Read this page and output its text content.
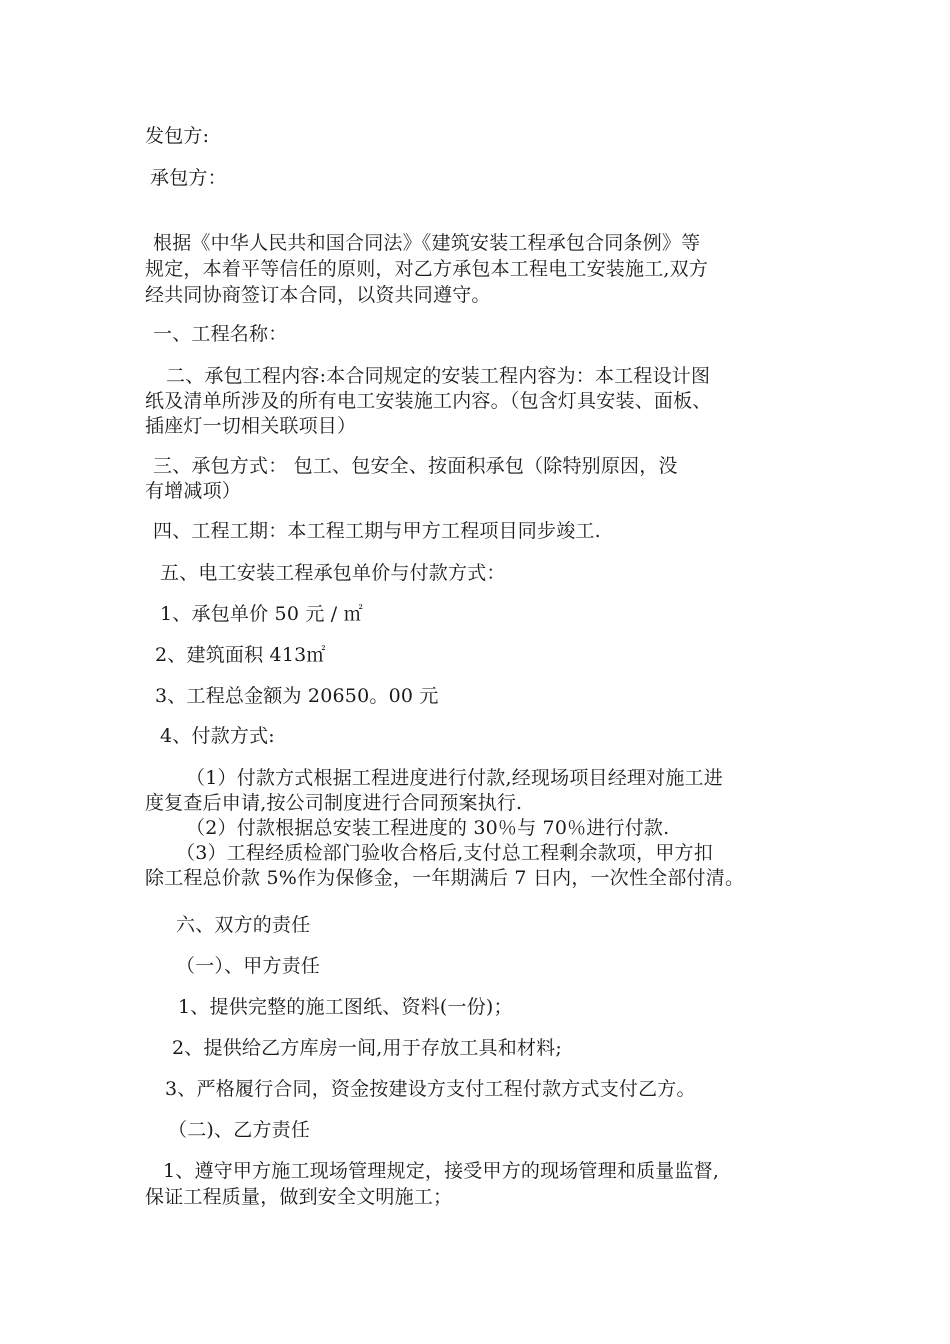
发包方:
承包方：
根据《中华人民共和国合同法》《建筑安装工程承包合同条例》等
规定，本着平等信任的原则，对乙方承包本工程电工安装施工,双方
经共同协商签订本合同，以资共同遵守。
一、工程名称：
二、承包工程内容:本合同规定的安装工程内容为：本工程设计图
纸及清单所涉及的所有电工安装施工内容。（包含灯具安装、面板、
插座灯一切相关联项目）
三、承包方式： 包工、包安全、按面积承包（除特别原因，没
有增减项）
四、工程工期：本工程工期与甲方工程项目同步竣工.
五、电工安装工程承包单价与付款方式：
1、承包单价 50 元 / ㎡
2、建筑面积 413㎡
3、工程总金额为 20650。00 元
4、付款方式:
（1）付款方式根据工程进度进行付款,经现场项目经理对施工进
度复查后申请,按公司制度进行合同预案执行.
（2）付款根据总安装工程进度的 30％与 70％进行付款.
（3）工程经质检部门验收合格后,支付总工程剩余款项，甲方扣
除工程总价款 5%作为保修金，一年期满后 7 日内，一次性全部付清。
六、双方的责任
（一）、甲方责任
1、提供完整的施工图纸、资料(一份)；
2、提供给乙方库房一间,用于存放工具和材料;
3、严格履行合同，资金按建设方支付工程付款方式支付乙方。
（二)、乙方责任
1、遵守甲方施工现场管理规定，接受甲方的现场管理和质量监督,
保证工程质量，做到安全文明施工；
